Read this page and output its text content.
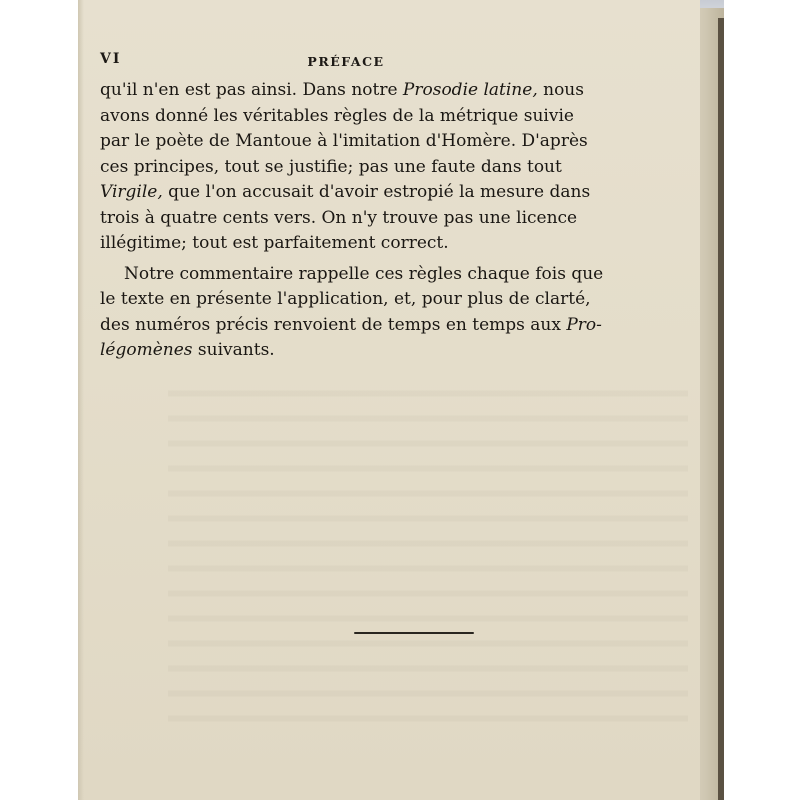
VI	PRÉFACE
qu'il n'en est pas ainsi. Dans notre Prosodie latine, nous
avons donné les véritables règles de la métrique suivie
par le poète de Mantoue à l'imitation d'Homère. D'après
ces principes, tout se justifie; pas une faute dans tout
Virgile, que l'on accusait d'avoir estropié la mesure dans
trois à quatre cents vers. On n'y trouve pas une licence
illégitime; tout est parfaitement correct.
Notre commentaire rappelle ces règles chaque fois que
le texte en présente l'application, et, pour plus de clarté,
des numéros précis renvoient de temps en temps aux Pro-
légomènes suivants.
